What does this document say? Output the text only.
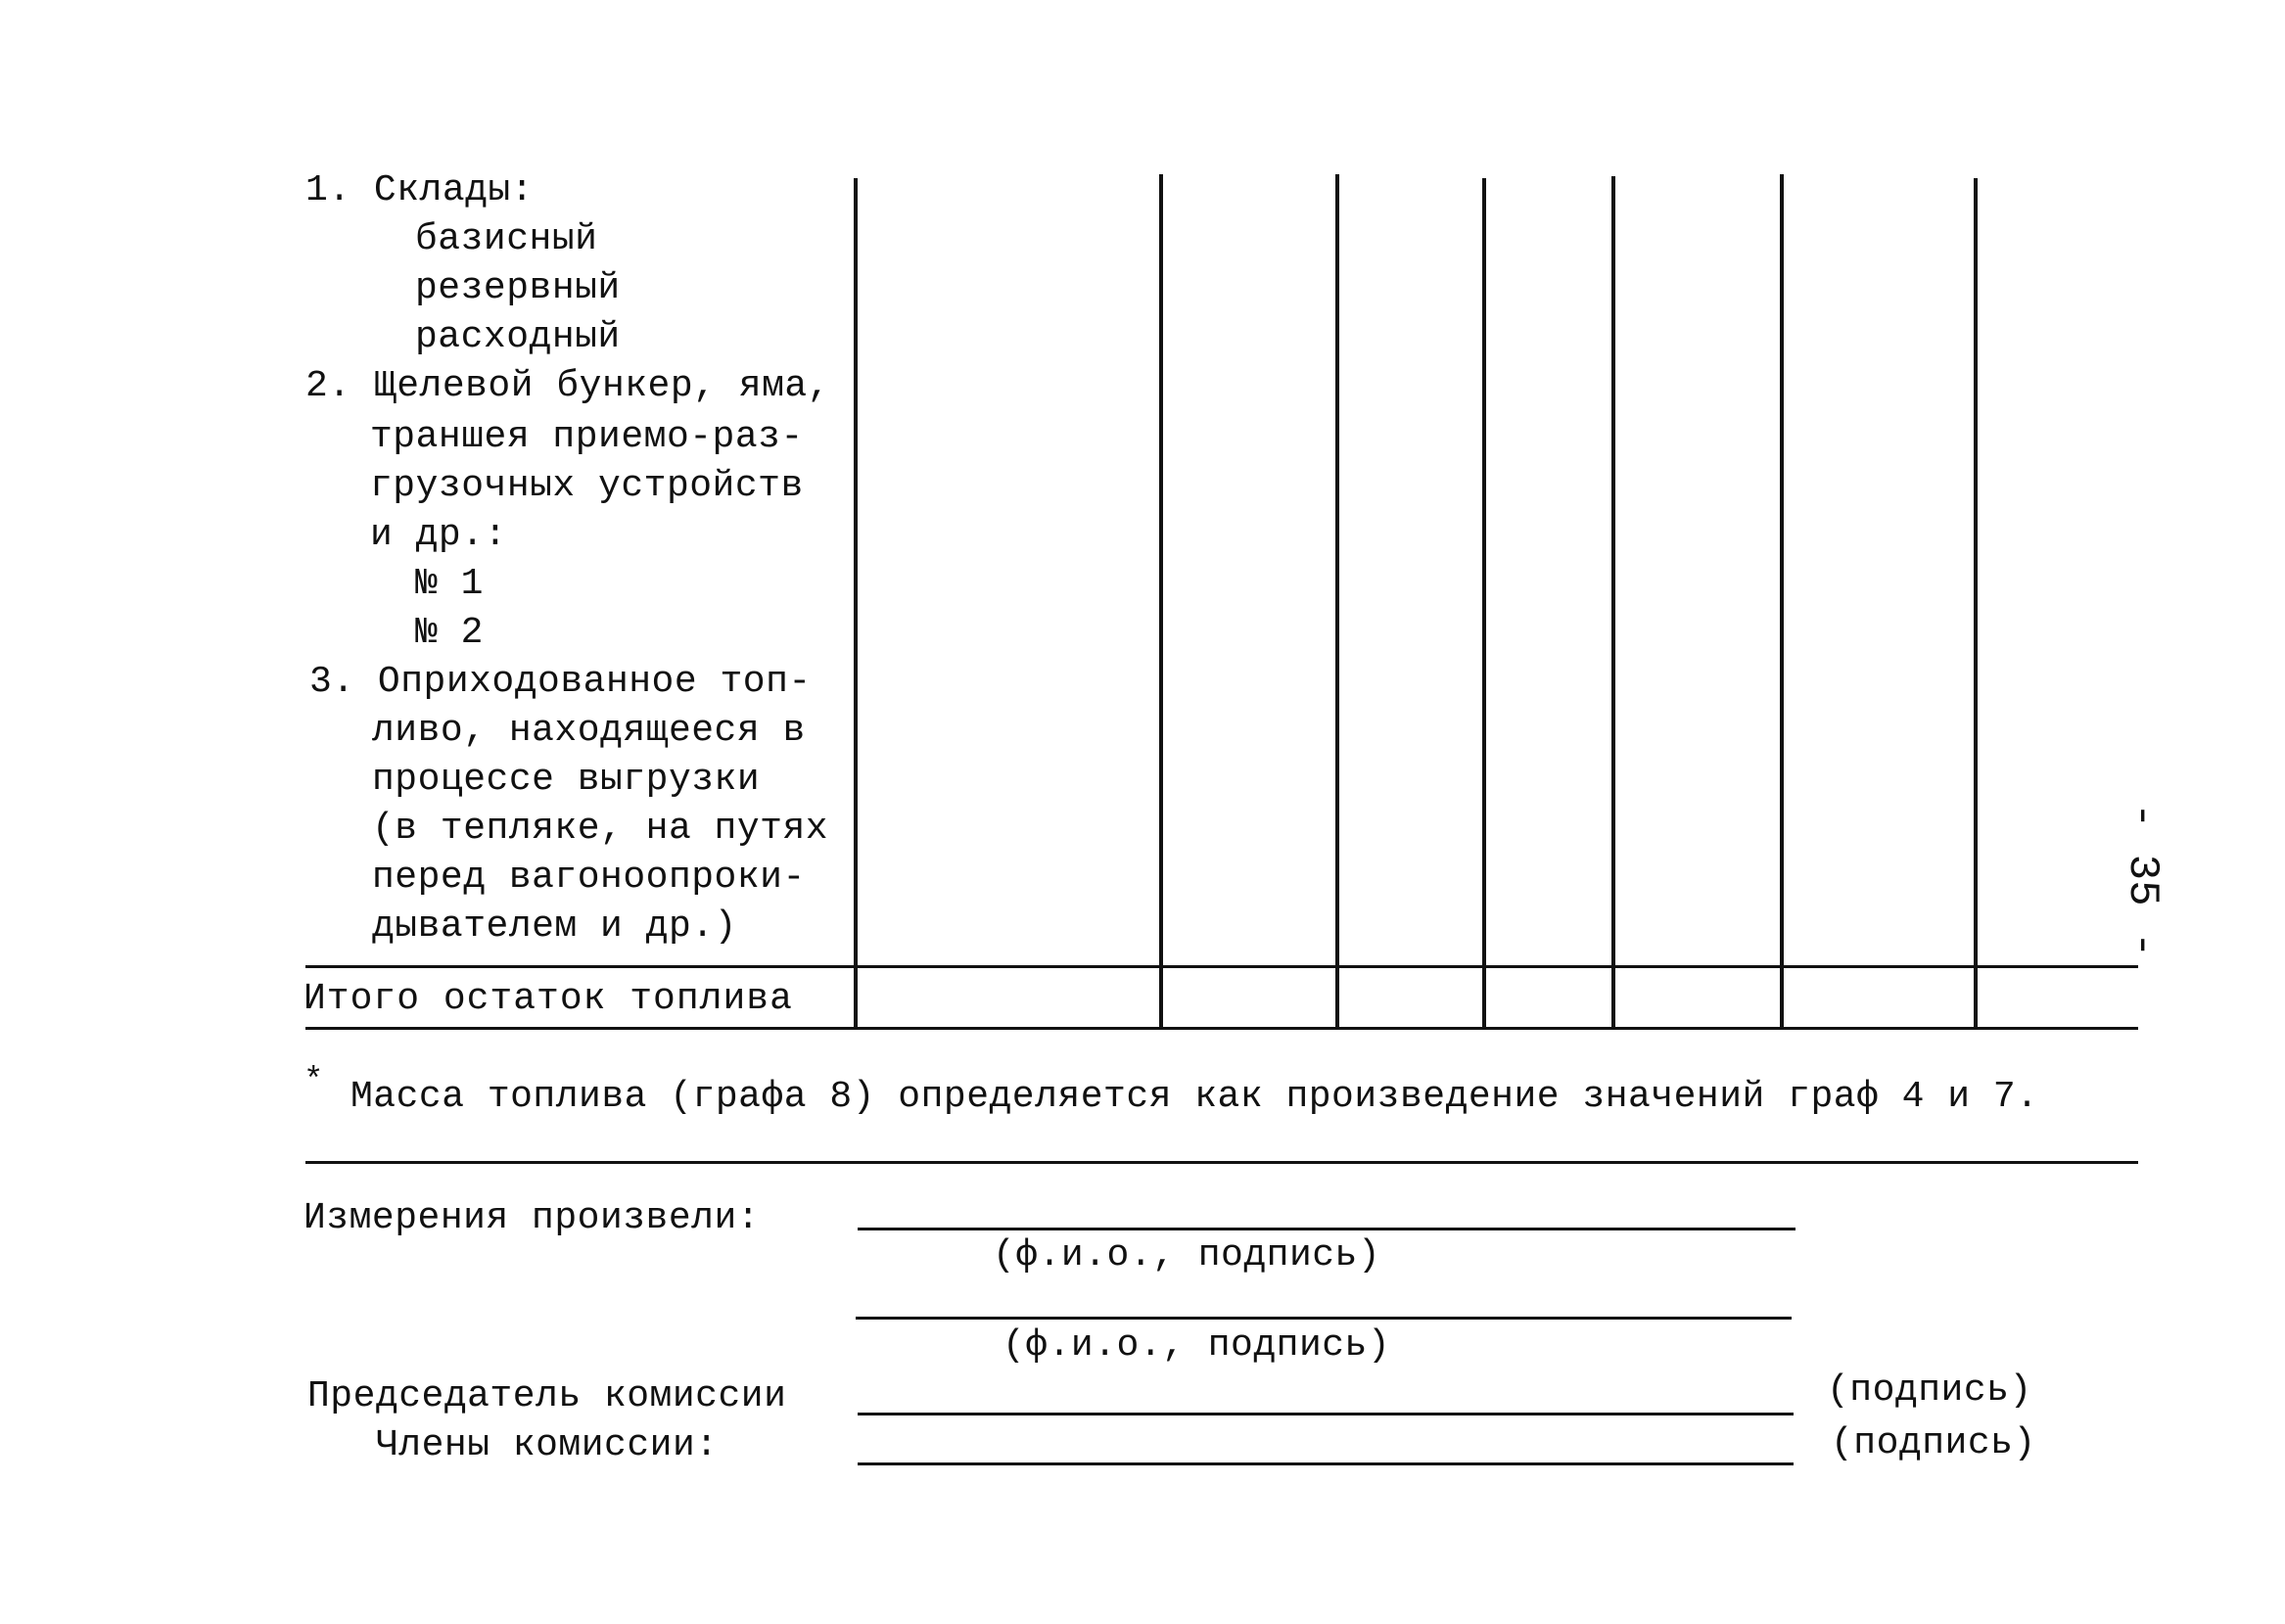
1. Склады:
базисный
резервный
расходный
2. Щелевой бункер, яма,
траншея приемо-раз-
грузочных устройств
и др.:
№ 1
№ 2
3. Оприходованное топ-
ливо, находящееся в
процессе выгрузки
(в тепляке, на путях
перед вагоноопроки-
дывателем и др.)
Итого остаток топлива
* Масса топлива (графа 8) определяется как произведение значений граф 4 и 7.
Измерения произвели:
(ф.и.о., подпись)
(ф.и.о., подпись)
Председатель комиссии	(подпись)
Члены комиссии:	(подпись)
- 35 -
